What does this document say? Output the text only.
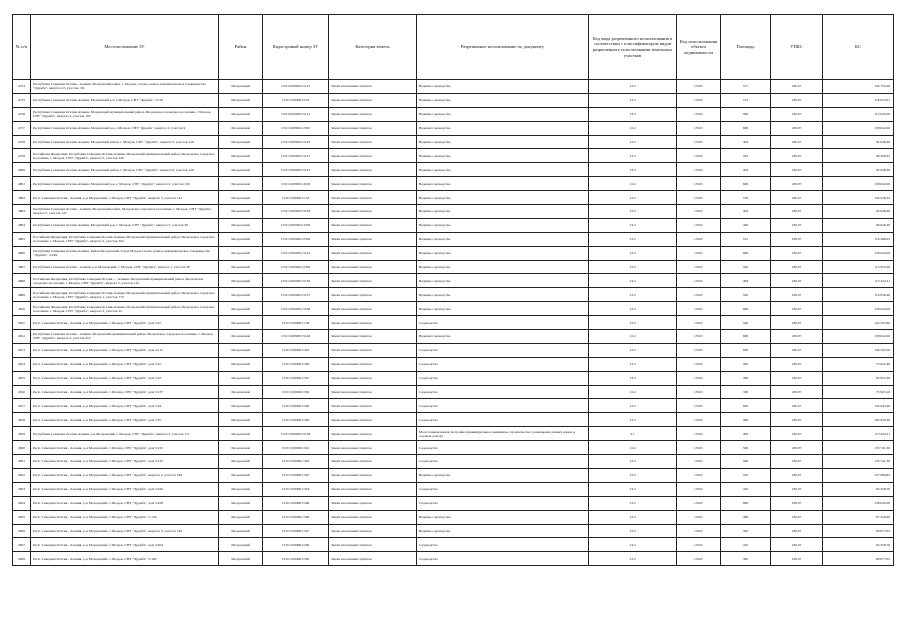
№ п/п	Местоположение ЗУ	Район	Кадастровый номер ЗУ	Категория земель	Разрешенное использование по документу	Код вида разрешенного использования в соответствии с классификатором видов разрешенного использования земельных участков	Код использования объекта недвижимости	Площадь	УПКС	КС
4754	Республика Северная Осетия - Алания, Моздокский район, г. Моздок, садово-дачное некоммерческое товарищество "Дружба", квартал 12, участок 132	Моздокский	15:01:0109001:5115	Земли населенных пунктов	Ведение садоводства	13.2	13:02:	577	230,07	132 750,39
4755	Республика Северная Осетия-Алания, Моздокский р-н, г.Моздок, СНТ "Дружба", 5/116	Моздокский	15:01:0109001:272	Земли населенных пунктов	Ведение садоводства	13.2	13:02:	513	230,07	118 025,91
4756	Республика Северная Осетия-Алания, Моздокский муниципальный район, Моздокское городское поселение, г Моздок, СНТ "Дружба", квартал 3, участок 104	Моздокский	15:01:0109001:5112	Земли населенных пунктов	Ведение садоводства	13.2	13:02:	500	230,07	115 035,00
4757	Республика Северная Осетия-Алания, Моздокский р-н, г.Моздок, СНТ "Дружба", квартал 2, участок 9	Моздокский	15:01:0109001:2325	Земли населенных пунктов	Ведение садоводства	13.2	13:02:	600	230,07	138 042,00
4758	Республика Северная Осетия-Алания, Моздокский район, г. Моздок, СНТ "Дружба", квартал 5, участок 128	Моздокский	15:01:0109001:5125	Земли населенных пунктов	Ведение садоводства	13.2	13:02:	404	230,07	92 948,28
4759	Российская Федерация, Республика Северная Осетия-Алания, Моздокский муниципальный район, Моздокское городское поселение, г. Моздок, СНТ "Дружба", квартал 5, участок 128	Моздокский	15:01:0109001:5127	Земли населенных пунктов	Ведение садоводства	13.2	13:02:	419	230,07	96 399,33
4800	Республика Северная Осетия-Алания, Моздокский район, г. Моздок, СНТ "Дружба", квартал 6, участок 120	Моздокский	15:01:0109001:5125	Земли населенных пунктов	Ведение садоводства	13.2	13:02:	404	230,07	92 948,28
4801	Республика Северная Осетия-Алания, Моздокский р-н, г. Моздок, СНТ "Дружба", квартал 2, участок 130	Моздокский	15:01:0109001:4318	Земли населенных пунктов	Ведение садоводства	13.2	13:02:	600	230,07	138 042,00
4802	Респ. Северная Осетия - Алания, р-н Моздокский, г. Моздок, СНТ "Дружба", квартал 5, участок 142	Моздокский	15:01:0109001:153	Земли населенных пунктов	Ведение садоводства	13.2	13:02:	576	230,07	132 520,32
4803	Республика Северная Осетия - Алания, Моздокский район, Моздокское городское поселение, г. Моздок, СНТ "Дружба", квартал 5, участок 147	Моздокский	15:01:0109001:5159	Земли населенных пунктов	Ведение садоводства	13.2	13:02:	404	230,07	92 948,28
4804	Республика Северная Осетия-Алания, Моздокский р-н, г. Моздок, СНТ "Дружба", квартал 5, участок 38	Моздокский	15:01:0109001:4318	Земли населенных пунктов	Ведение садоводства	13.2	13:02:	420	230,07	96 629,40
4805	Российская Федерация, Республика Северная Осетия-Алания, Моздокский муниципальный район, Моздокское городское поселение, г. Моздок, СНТ "Дружба", квартал 2, участок 204	Моздокский	15:01:0109001:2329	Земли населенных пунктов	Ведение садоводства	13.2	13:02:	515	230,07	118 486,05
4806	Республика Северная Осетия-Алания, Район Моздокский, Город Моздок садово-дачное некоммерческое товарищество "Дружба", 2/249	Моздокский	15:01:0109001:5214	Земли населенных пунктов	Ведение садоводства	13.2	13:02:	600	230,07	138 042,00
4807	Республика Северная Осетия - Алания, р-н Моздокский, г. Моздок, СНТ "Дружба", квартал 1, участок 38	Моздокский	15:01:0109001:2329	Земли населенных пунктов	Ведение садоводства	13.2	13:02:	504	230,07	115 955,28
4808	Российская Федерация, Республика Северная Осетия — Алания, Моздокский муниципальный район, Моздокское городское поселение, г. Моздок, СНТ "Дружба", квартал 5, участок 142	Моздокский	15:01:0109001:5136	Земли населенных пунктов	Ведение садоводства	13.2	13:02:	493	230,07	113 424,51
4809	Российская Федерация, Республика Северная Осетия-Алания, Моздокский муниципальный район, Моздокское городское поселение, г. Моздок, СНТ "Дружба", квартал 1, участок 170	Моздокский	15:01:0109001:5137	Земли населенных пунктов	Ведение садоводства	13.2	13:02:	520	230,07	119 636,40
4810	Российская Федерация, Республика Северная Осетия-Алания, Моздокский муниципальный район, Моздокское городское поселение, г. Моздок, СНТ "Дружба", квартал 3, участок 22	Моздокский	15:01:0109001:5138	Земли населенных пунктов	Ведение садоводства	13.2	13:02:	600	230,07	138 042,00
4811	Респ. Северная Осетия - Алания, р-н Моздокский, г. Моздок, СНТ "Дружба", дом 5/47	Моздокский	15:01:0109001:159	Земли населенных пунктов	Садоводство	13.2	13:02:	540	230,07	124 237,80
4812	Республика Северная Осетия - Алания, Моздокский муниципальный район, Моздокское городское поселение, г. Моздок, СНТ "Дружба", квартал 3, участок 212	Моздокский	15:01:0109001:5140	Земли населенных пунктов	Ведение садоводства	13.2	13:02:	600	230,07	138 042,00
4813	Респ. Северная Осетия - Алания, р-н Моздокский, г. Моздок, СНТ "Дружба", дом 2/115	Моздокский	15:01:0109001:322	Земли населенных пунктов	Садоводство	13.2	13:02:	650	230,07	149 545,50
4814	Респ. Северная Осетия - Алания, р-н Моздокский, г. Моздок, СНТ "Дружба", дом 5/47	Моздокский	15:01:0109001:326	Земли населенных пунктов	Садоводство	13.2	13:02:	320	230,07	73 622,40
4815	Респ. Северная Осетия - Алания, р-н Моздокский, г. Моздок, СНТ "Дружба", дом 5/47	Моздокский	15:01:0109001:327	Земли населенных пунктов	Садоводство	13.2	13:02:	360	230,07	82 825,20
4816	Респ. Северная Осетия - Алания, р-н Моздокский, г. Моздок, СНТ "Дружба", дом 5/137	Моздокский	15:01:0109001:330	Земли населенных пунктов	Садоводство	13.2	13:02:	330	230,07	75 923,10
4817	Респ. Северная Осетия - Алания, р-н Моздокский, г. Моздок, СНТ "Дружба", дом 5/24	Моздокский	15:01:0109001:328	Земли населенных пунктов	Садоводство	13.2	13:02:	620	230,07	142 643,40
4818	Респ. Северная Осетия - Алания, р-н Моздокский, г. Моздок, СНТ "Дружба", дом 5/37	Моздокский	15:01:0109001:329	Земли населенных пунктов	Садоводство	13.2	13:02:	460	230,07	105 832,20
4819	Республика Северная Осетия-Алания, р-н Моздокский, г. Моздок, СНТ "Дружба", квартал 2, участок 171	Моздокский	15:01:0109001:5136	Земли населенных пунктов	Малоэтажная жилая застройка (индивидуальное жилищное строительство; размещение дачных домов и садовых домов)	2.1	13:02:	493	230,07	113 424,51
4820	Респ. Северная Осетия - Алания, р-н Моздокский, г. Моздок, СНТ "Дружба", дом 5/215	Моздокский	15:01:0109001:341	Земли населенных пунктов	Садоводство	13.2	13:02:	590	230,07	135 741,30
4821	Респ. Северная Осетия - Алания, р-н Моздокский, г. Моздок, СНТ "Дружба", дом 5/135	Моздокский	15:01:0109001:342	Земли населенных пунктов	Садоводство	13.2	13:02:	590	230,07	135 741,30
4822	Респ. Северная Осетия - Алания, р-н Моздокский, г. Моздок, СНТ "Дружба", квартал 2, участок 228	Моздокский	15:01:0109001:345	Земли населенных пунктов	Ведение садоводства	13.2	13:02:	555	230,07	127 688,85
4823	Респ. Северная Осетия - Алания, р-н Моздокский, г. Моздок, СНТ "Дружба", дом 5/226	Моздокский	15:01:0109001:344	Земли населенных пунктов	Садоводство	13.2	13:02:	410	230,07	94 328,70
4824	Респ. Северная Осетия - Алания, р-н Моздокский, г. Моздок, СНТ "Дружба", дом 5/106	Моздокский	15:01:0109001:346	Земли населенных пунктов	Садоводство	13.2	13:02:	600	230,07	138 042,00
4825	Респ. Северная Осетия - Алания, р-н Моздокский, г. Моздок, СНТ "Дружба", 5/130	Моздокский	15:01:0109001:348	Земли населенных пунктов	Ведение садоводства	13.2	13:02:	380	230,07	87 426,60
4826	Респ. Северная Осетия - Алания, р-н Моздокский, г. Моздок, СНТ "Дружба", квартал 3, участок 140	Моздокский	15:01:0109001:347	Земли населенных пунктов	Ведение садоводства	13.2	13:02:	395	230,07	90 877,65
4827	Респ. Северная Осетия - Алания, р-н Моздокский, г. Моздок, СНТ "Дружба", дом 2/204	Моздокский	15:01:0109001:349	Земли населенных пунктов	Садоводство	13.2	13:02:	410	230,07	94 328,70
4828	Респ. Северная Осетия - Алания, р-н Моздокский, г. Моздок, СНТ "Дружба", 5/162	Моздокский	15:01:0109001:350	Земли населенных пунктов	Садоводство	13.2	13:02:	395	230,07	90 877,65
